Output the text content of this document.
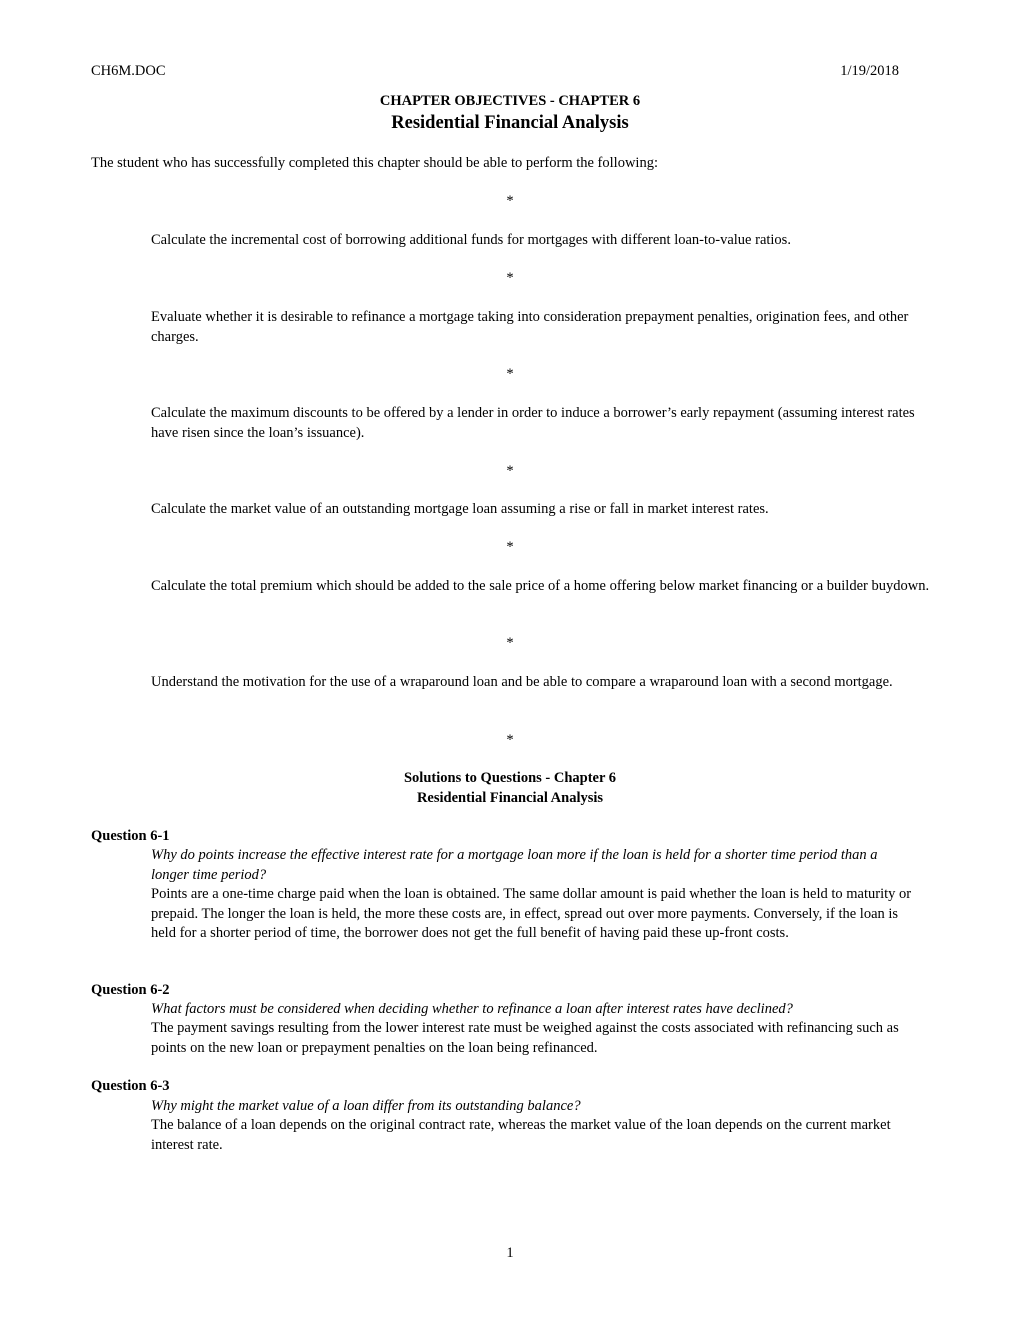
CH6M.DOC	1/19/2018
CHAPTER OBJECTIVES - CHAPTER 6
Residential Financial Analysis
The student who has successfully completed this chapter should be able to perform the following:
*
Calculate the incremental cost of borrowing additional funds for mortgages with different loan-to-value ratios.
*
Evaluate whether it is desirable to refinance a mortgage taking into consideration prepayment penalties, origination fees, and other charges.
*
Calculate the maximum discounts to be offered by a lender in order to induce a borrower’s early repayment (assuming interest rates have risen since the loan’s issuance).
*
Calculate the market value of an outstanding mortgage loan assuming a rise or fall in market interest rates.
*
Calculate the total premium which should be added to the sale price of a home offering below market financing or a builder buydown.
*
Understand the motivation for the use of a wraparound loan and be able to compare a wraparound loan with a second mortgage.
*
Solutions to Questions - Chapter 6
Residential Financial Analysis
Question 6-1
Why do points increase the effective interest rate for a mortgage loan more if the loan is held for a shorter time period than a longer time period?
Points are a one-time charge paid when the loan is obtained. The same dollar amount is paid whether the loan is held to maturity or prepaid. The longer the loan is held, the more these costs are, in effect, spread out over more payments. Conversely, if the loan is held for a shorter period of time, the borrower does not get the full benefit of having paid these up-front costs.
Question 6-2
What factors must be considered when deciding whether to refinance a loan after interest rates have declined?
The payment savings resulting from the lower interest rate must be weighed against the costs associated with refinancing such as points on the new loan or prepayment penalties on the loan being refinanced.
Question 6-3
Why might the market value of a loan differ from its outstanding balance?
The balance of a loan depends on the original contract rate, whereas the market value of the loan depends on the current market interest rate.
1
